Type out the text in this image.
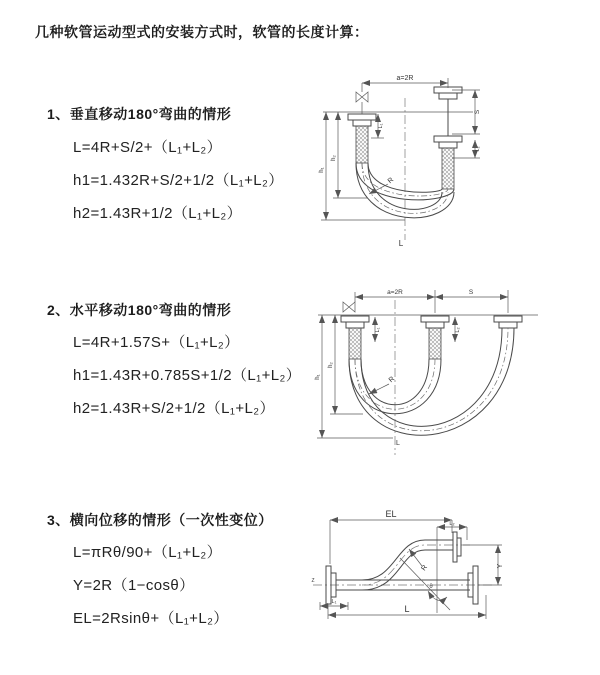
几种软管运动型式的安装方式时，软管的长度计算：
1、垂直移动180°弯曲的情形
L=4R+S/2+（L₁+L₂）
h1=1.432R+S/2+1/2（L₁+L₂）
h2=1.43R+1/2（L₁+L₂）
2、水平移动180°弯曲的情形
L=4R+1.57S+（L₁+L₂）
h1=1.43R+0.785S+1/2（L₁+L₂）
h2=1.43R+S/2+1/2（L₁+L₂）
3、横向位移的情形（一次性变位）
L=πRθ/90+（L₁+L₂）
Y=2R（1−cosθ）
EL=2Rsinθ+（L₁+L₂）
a=2R
h₂
h₁
L₁
S
L₂
R
L
a=2R	S
L₁	L₂
h₂
h₁	R
L
EL
L₂
θ
R	Y
L₁
L
Z
